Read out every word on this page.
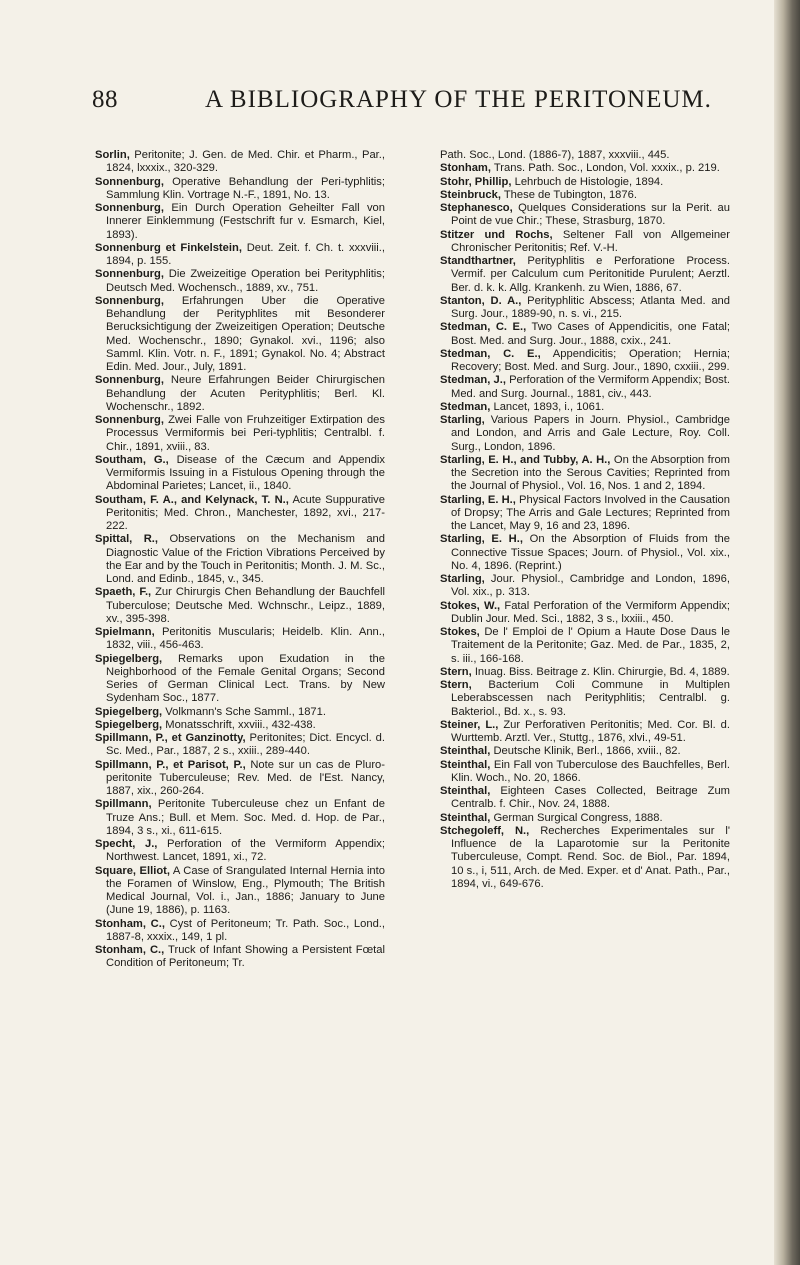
88	A BIBLIOGRAPHY OF THE PERITONEUM.

Sorlin, Peritonite; J. Gen. de Med. Chir. et Pharm., Par., 1824, lxxxix., 320-329.

Sonnenburg, Operative Behandlung der Peri-typhlitis; Sammlung Klin. Vortrage N.-F., 1891, No. 13.

Sonnenburg, Ein Durch Operation Geheilter Fall von Innerer Einklemmung (Festschrift fur v. Esmarch, Kiel, 1893).

Sonnenburg et Finkelstein, Deut. Zeit. f. Ch. t. xxxviii., 1894, p. 155.

Sonnenburg, Die Zweizeitige Operation bei Perityphlitis; Deutsch Med. Wochensch., 1889, xv., 751.

Sonnenburg, Erfahrungen Uber die Operative Behandlung der Perityphlites mit Besonderer Berucksichtigung der Zweizeitigen Operation; Deutsche Med. Wochenschr., 1890; Gynakol. xvi., 1196; also Samml. Klin. Votr. n. F., 1891; Gynakol. No. 4; Abstract Edin. Med. Jour., July, 1891.

Sonnenburg, Neure Erfahrungen Beider Chirurgischen Behandlung der Acuten Perityphlitis; Berl. Kl. Wochenschr., 1892.

Sonnenburg, Zwei Falle von Fruhzeitiger Extirpation des Processus Vermiformis bei Peri-typhlitis; Centralbl. f. Chir., 1891, xviii., 83.

Southam, G., Disease of the Cæcum and Appendix Vermiformis Issuing in a Fistulous Opening through the Abdominal Parietes; Lancet, ii., 1840.

Southam, F. A., and Kelynack, T. N., Acute Suppurative Peritonitis; Med. Chron., Manchester, 1892, xvi., 217-222.

Spittal, R., Observations on the Mechanism and Diagnostic Value of the Friction Vibrations Perceived by the Ear and by the Touch in Peritonitis; Month. J. M. Sc., Lond. and Edinb., 1845, v., 345.

Spaeth, F., Zur Chirurgis Chen Behandlung der Bauchfell Tuberculose; Deutsche Med. Wchnschr., Leipz., 1889, xv., 395-398.

Spielmann, Peritonitis Muscularis; Heidelb. Klin. Ann., 1832, viii., 456-463.

Spiegelberg, Remarks upon Exudation in the Neighborhood of the Female Genital Organs; Second Series of German Clinical Lect. Trans. by New Sydenham Soc., 1877.

Spiegelberg, Volkmann's Sche Samml., 1871.

Spiegelberg, Monatsschrift, xxviii., 432-438.

Spillmann, P., et Ganzinotty, Peritonites; Dict. Encycl. d. Sc. Med., Par., 1887, 2 s., xxiii., 289-440.

Spillmann, P., et Parisot, P., Note sur un cas de Pluro-peritonite Tuberculeuse; Rev. Med. de l'Est. Nancy, 1887, xix., 260-264.

Spillmann, Peritonite Tuberculeuse chez un Enfant de Truze Ans.; Bull. et Mem. Soc. Med. d. Hop. de Par., 1894, 3 s., xi., 611-615.

Specht, J., Perforation of the Vermiform Appendix; Northwest. Lancet, 1891, xi., 72.

Square, Elliot, A Case of Srangulated Internal Hernia into the Foramen of Winslow, Eng., Plymouth; The British Medical Journal, Vol. i., Jan., 1886; January to June (June 19, 1886), p. 1163.

Stonham, C., Cyst of Peritoneum; Tr. Path. Soc., Lond., 1887-8, xxxix., 149, 1 pl.

Stonham, C., Truck of Infant Showing a Persistent Fœtal Condition of Peritoneum; Tr.

Path. Soc., Lond. (1886-7), 1887, xxxviii., 445.

Stonham, Trans. Path. Soc., London, Vol. xxxix., p. 219.

Stohr, Phillip, Lehrbuch de Histologie, 1894.

Steinbruck, These de Tubington, 1876.

Stephanesco, Quelques Considerations sur la Perit. au Point de vue Chir.; These, Strasburg, 1870.

Stitzer und Rochs, Seltener Fall von Allgemeiner Chronischer Peritonitis; Ref. V.-H.

Standthartner, Perityphlitis e Perforatione Process. Vermif. per Calculum cum Peritonitide Purulent; Aerztl. Ber. d. k. k. Allg. Krankenh. zu Wien, 1886, 67.

Stanton, D. A., Perityphlitic Abscess; Atlanta Med. and Surg. Jour., 1889-90, n. s. vi., 215.

Stedman, C. E., Two Cases of Appendicitis, one Fatal; Bost. Med. and Surg. Jour., 1888, cxix., 241.

Stedman, C. E., Appendicitis; Operation; Hernia; Recovery; Bost. Med. and Surg. Jour., 1890, cxxiii., 299.

Stedman, J., Perforation of the Vermiform Appendix; Bost. Med. and Surg. Journal., 1881, civ., 443.

Stedman, Lancet, 1893, i., 1061.

Starling, Various Papers in Journ. Physiol., Cambridge and London, and Arris and Gale Lecture, Roy. Coll. Surg., London, 1896.

Starling, E. H., and Tubby, A. H., On the Absorption from the Secretion into the Serous Cavities; Reprinted from the Journal of Physiol., Vol. 16, Nos. 1 and 2, 1894.

Starling, E. H., Physical Factors Involved in the Causation of Dropsy; The Arris and Gale Lectures; Reprinted from the Lancet, May 9, 16 and 23, 1896.

Starling, E. H., On the Absorption of Fluids from the Connective Tissue Spaces; Journ. of Physiol., Vol. xix., No. 4, 1896. (Reprint.)

Starling, Jour. Physiol., Cambridge and London, 1896, Vol. xix., p. 313.

Stokes, W., Fatal Perforation of the Vermiform Appendix; Dublin Jour. Med. Sci., 1882, 3 s., lxxiii., 450.

Stokes, De l' Emploi de l' Opium a Haute Dose Daus le Traitement de la Peritonite; Gaz. Med. de Par., 1835, 2, s. iii., 166-168.

Stern, Inuag. Biss. Beitrage z. Klin. Chirurgie, Bd. 4, 1889.

Stern, Bacterium Coli Commune in Multiplen Leberabscessen nach Perityphlitis; Centralbl. g. Bakteriol., Bd. x., s. 93.

Steiner, L., Zur Perforativen Peritonitis; Med. Cor. Bl. d. Wurttemb. Arztl. Ver., Stuttg., 1876, xlvi., 49-51.

Steinthal, Deutsche Klinik, Berl., 1866, xviii., 82.

Steinthal, Ein Fall von Tuberculose des Bauchfelles, Berl. Klin. Woch., No. 20, 1866.

Steinthal, Eighteen Cases Collected, Beitrage Zum Centralb. f. Chir., Nov. 24, 1888.

Steinthal, German Surgical Congress, 1888.

Stchegoleff, N., Recherches Experimentales sur l' Influence de la Laparotomie sur la Peritonite Tuberculeuse, Compt. Rend. Soc. de Biol., Par. 1894, 10 s., i, 511, Arch. de Med. Exper. et d' Anat. Path., Par., 1894, vi., 649-676.
